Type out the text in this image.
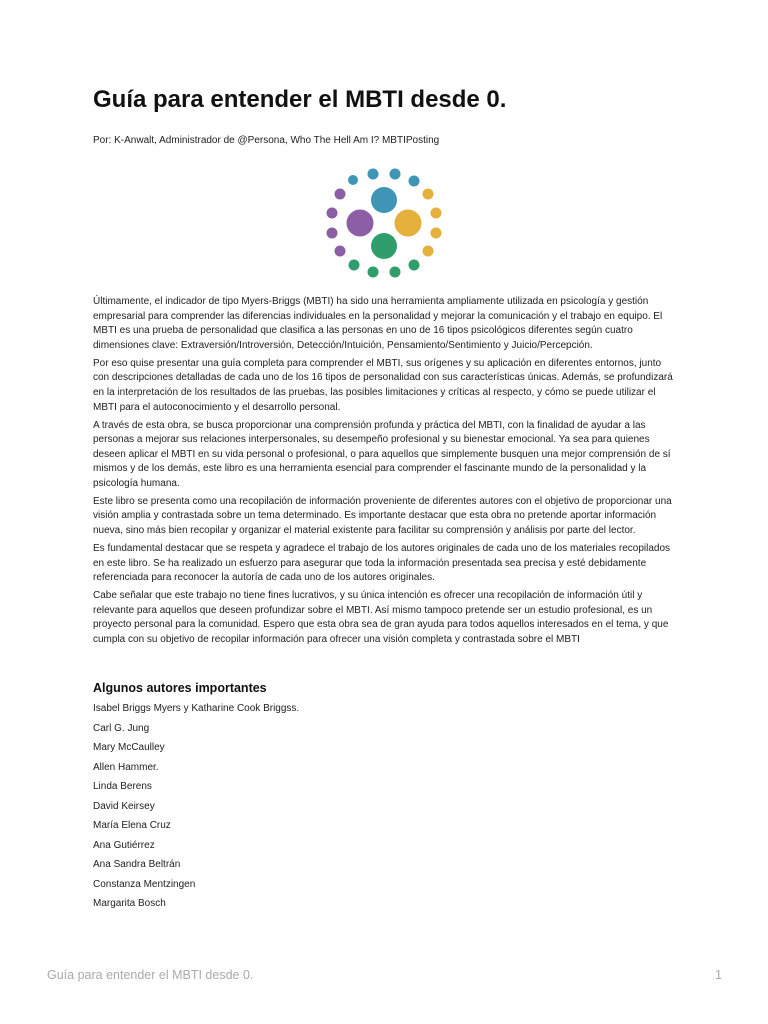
Guía para entender el MBTI desde 0.

Por: K-Anwalt, Administrador de @Persona, Who The Hell Am I? MBTIPosting

Últimamente, el indicador de tipo Myers-Briggs (MBTI) ha sido una herramienta ampliamente utilizada en psicología y gestión empresarial para comprender las diferencias individuales en la personalidad y mejorar la comunicación y el trabajo en equipo. El MBTI es una prueba de personalidad que clasifica a las personas en uno de 16 tipos psicológicos diferentes según cuatro dimensiones clave: Extraversión/Introversión, Detección/Intuición, Pensamiento/Sentimiento y Juicio/Percepción.

Por eso quise presentar una guía completa para comprender el MBTI, sus orígenes y su aplicación en diferentes entornos, junto con descripciones detalladas de cada uno de los 16 tipos de personalidad con sus características únicas. Además, se profundizará en la interpretación de los resultados de las pruebas, las posibles limitaciones y críticas al respecto, y cómo se puede utilizar el MBTI para el autoconocimiento y el desarrollo personal.

A través de esta obra, se busca proporcionar una comprensión profunda y práctica del MBTI, con la finalidad de ayudar a las personas a mejorar sus relaciones interpersonales, su desempeño profesional y su bienestar emocional. Ya sea para quienes deseen aplicar el MBTI en su vida personal o profesional, o para aquellos que simplemente busquen una mejor comprensión de sí mismos y de los demás, este libro es una herramienta esencial para comprender el fascinante mundo de la personalidad y la psicología humana.

Este libro se presenta como una recopilación de información proveniente de diferentes autores con el objetivo de proporcionar una visión amplia y contrastada sobre un tema determinado. Es importante destacar que esta obra no pretende aportar información nueva, sino más bien recopilar y organizar el material existente para facilitar su comprensión y análisis por parte del lector.

Es fundamental destacar que se respeta y agradece el trabajo de los autores originales de cada uno de los materiales recopilados en este libro. Se ha realizado un esfuerzo para asegurar que toda la información presentada sea precisa y esté debidamente referenciada para reconocer la autoría de cada uno de los autores originales.

Cabe señalar que este trabajo no tiene fines lucrativos, y su única intención es ofrecer una recopilación de información útil y relevante para aquellos que deseen profundizar sobre el MBTI. Así mismo tampoco pretende ser un estudio profesional, es un proyecto personal para la comunidad. Espero que esta obra sea de gran ayuda para todos aquellos interesados en el tema, y que cumpla con su objetivo de recopilar información para ofrecer una visión completa y contrastada sobre el MBTI

Algunos autores importantes
Isabel Briggs Myers y Katharine Cook Briggss.
Carl G. Jung
Mary McCaulley
Allen Hammer.
Linda Berens
David Keirsey
María Elena Cruz
Ana Gutiérrez
Ana Sandra Beltrán
Constanza Mentzingen
Margarita Bosch

Guía para entender el MBTI desde 0.	1
